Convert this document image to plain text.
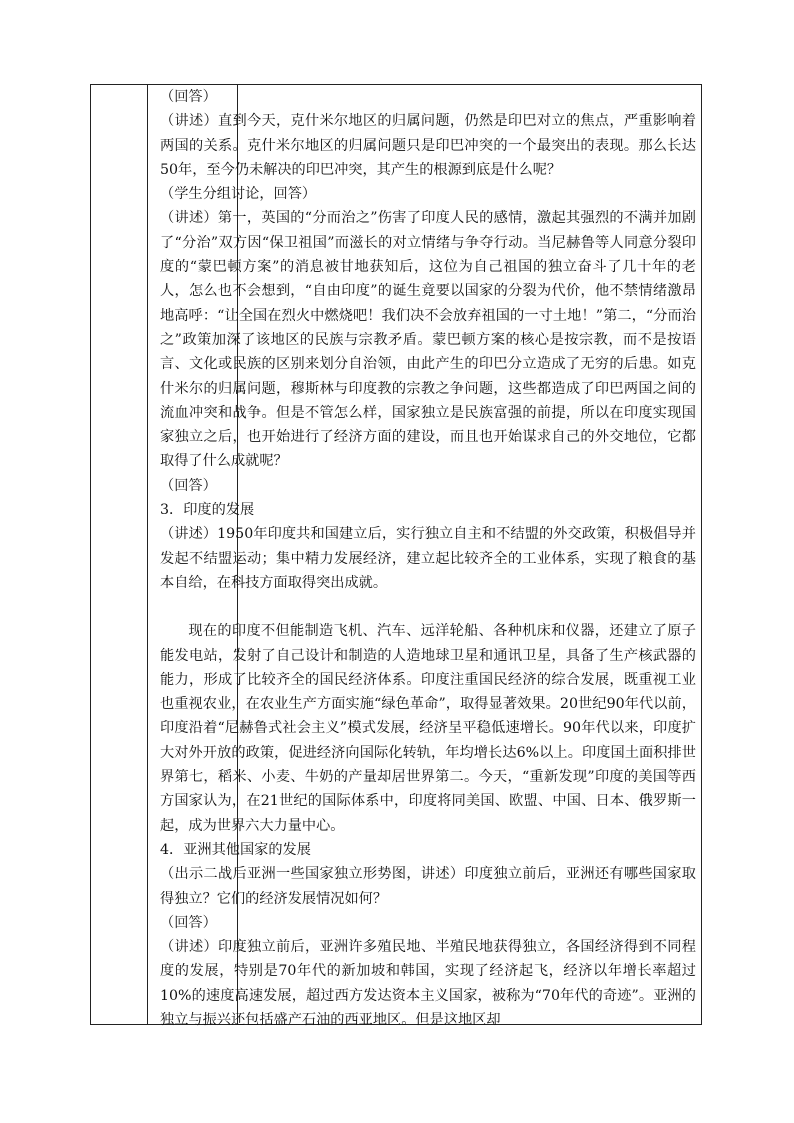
（回答）

（讲述）直到今天，克什米尔地区的归属问题，仍然是印巴对立的焦点，严重影响着两国的关系。克什米尔地区的归属问题只是印巴冲突的一个最突出的表现。那么长达50年，至今仍未解决的印巴冲突，其产生的根源到底是什么呢？

（学生分组讨论，回答）

（讲述）第一，英国的“分而治之”伤害了印度人民的感情，激起其强烈的不满并加剧了“分治”双方因“保卫祖国”而滋长的对立情绪与争夺行动。当尼赫鲁等人同意分裂印度的“蒙巴顿方案”的消息被甘地获知后，这位为自己祖国的独立奋斗了几十年的老人，怎么也不会想到，“自由印度”的诞生竟要以国家的分裂为代价，他不禁情绪激昂地高呼：“让全国在烈火中燃烧吧！我们决不会放弃祖国的一寸土地！”第二，“分而治之”政策加深了该地区的民族与宗教矛盾。蒙巴顿方案的核心是按宗教，而不是按语言、文化或民族的区别来划分自治领，由此产生的印巴分立造成了无穷的后患。如克什米尔的归属问题，穆斯林与印度教的宗教之争问题，这些都造成了印巴两国之间的流血冲突和战争。但是不管怎么样，国家独立是民族富强的前提，所以在印度实现国家独立之后，也开始进行了经济方面的建设，而且也开始谋求自己的外交地位，它都取得了什么成就呢？

（回答）

3．印度的发展

（讲述）1950年印度共和国建立后，实行独立自主和不结盟的外交政策，积极倡导并发起不结盟运动；集中精力发展经济，建立起比较齐全的工业体系，实现了粮食的基本自给，在科技方面取得突出成就。

现在的印度不但能制造飞机、汽车、远洋轮船、各种机床和仪器，还建立了原子能发电站，发射了自己设计和制造的人造地球卫星和通讯卫星，具备了生产核武器的能力，形成了比较齐全的国民经济体系。印度注重国民经济的综合发展，既重视工业也重视农业，在农业生产方面实施“绿色革命”，取得显著效果。20世纪90年代以前，印度沿着“尼赫鲁式社会主义”模式发展，经济呈平稳低速增长。90年代以来，印度扩大对外开放的政策，促进经济向国际化转轨，年均增长达6%以上。印度国土面积排世界第七，稻米、小麦、牛奶的产量却居世界第二。今天，“重新发现”印度的美国等西方国家认为，在21世纪的国际体系中，印度将同美国、欧盟、中国、日本、俄罗斯一起，成为世界六大力量中心。

4．亚洲其他国家的发展

（出示二战后亚洲一些国家独立形势图，讲述）印度独立前后，亚洲还有哪些国家取得独立？它们的经济发展情况如何？

（回答）

（讲述）印度独立前后，亚洲许多殖民地、半殖民地获得独立，各国经济得到不同程度的发展，特别是70年代的新加坡和韩国，实现了经济起飞，经济以年增长率超过10%的速度高速发展，超过西方发达资本主义国家，被称为“70年代的奇迹”。亚洲的独立与振兴还包括盛产石油的西亚地区。但是这地区却
